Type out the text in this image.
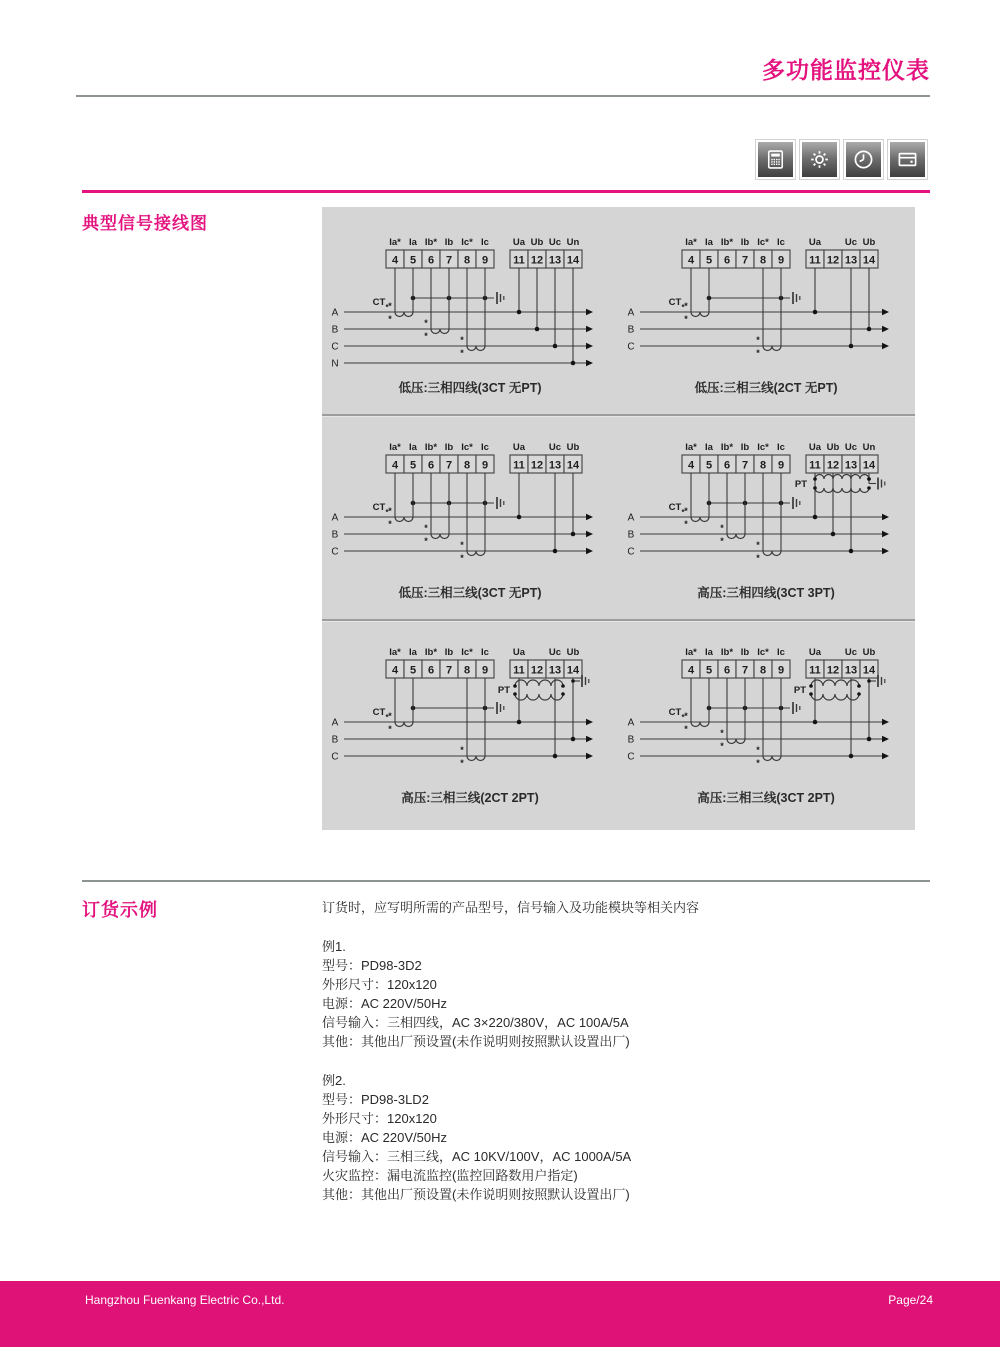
多功能监控仪表
典型信号接线图
Ia* Ia Ib* Ib Ic* Ic
4 5 6 7 8 9
Ua Ub Uc Un
11 12 13 14
A
B
C
N
*
*
CT *
*
*	*
*
低压:三相四线(3CT 无PT)
Ia* Ia Ib* Ib Ic* Ic
4 5 6 7 8 9
Ua	Uc Ub
11 12 13 14
A
B
C
*
*
CT *
*
*
低压:三相三线(2CT 无PT)
Ia* Ia Ib* Ib Ic* Ic
4 5 6 7 8 9
Ua	Uc Ub
11 12 13 14
A
B
C
*
*
CT *
*
*	*
*
低压:三相三线(3CT 无PT)
Ia* Ia Ib* Ib Ic* Ic
4 5 6 7 8 9
Ua Ub Uc Un
11 12 13 14
A
B
C
*
*
CT *
*
*	*
*
PT
高压:三相四线(3CT 3PT)
Ia* Ia Ib* Ib Ic* Ic
4 5 6 7 8 9
Ua	Uc Ub
11 12 13 14
A
B
C
*
*
CT *
*
*
PT
高压:三相三线(2CT 2PT)
Ia* Ia Ib* Ib Ic* Ic
4 5 6 7 8 9
Ua	Uc Ub
11 12 13 14
A
B
C
*
*
CT *
*
*	*
*
PT
高压:三相三线(3CT 2PT)
订货示例	订货时，应写明所需的产品型号，信号输入及功能模块等相关内容

例1.

型号：PD98-3D2

外形尺寸：120x120

电源：AC 220V/50Hz

信号输入：三相四线，AC 3×220/380V，AC 100A/5A

其他：其他出厂预设置(未作说明则按照默认设置出厂)

例2.

型号：PD98-3LD2

外形尺寸：120x120

电源：AC 220V/50Hz

信号输入：三相三线，AC 10KV/100V，AC 1000A/5A

火灾监控：漏电流监控(监控回路数用户指定)

其他：其他出厂预设置(未作说明则按照默认设置出厂)

Hangzhou Fuenkang Electric Co.,Ltd.	Page/24
